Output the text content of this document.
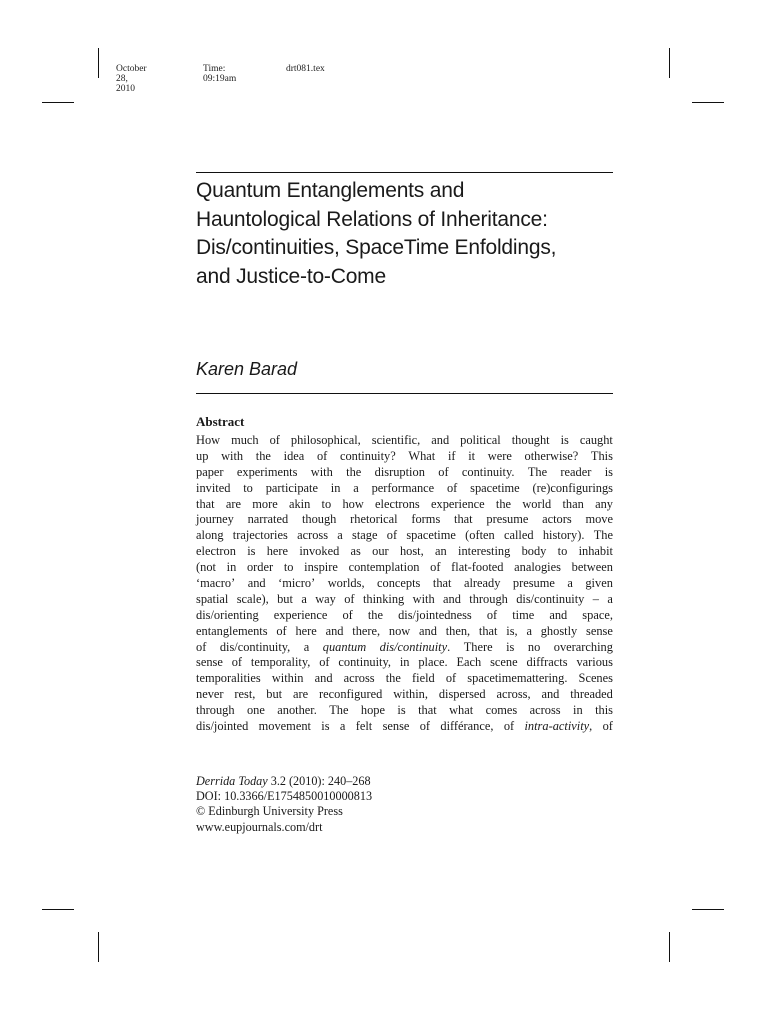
October 28, 2010
Time: 09:19am
drt081.tex
Quantum Entanglements and
Hauntological Relations of Inheritance:
Dis/continuities, SpaceTime Enfoldings,
and Justice-to-Come
Karen Barad
Abstract
How much of philosophical, scientific, and political thought is caught
up with the idea of continuity? What if it were otherwise? This
paper experiments with the disruption of continuity. The reader is
invited to participate in a performance of spacetime (re)configurings
that are more akin to how electrons experience the world than any
journey narrated though rhetorical forms that presume actors move
along trajectories across a stage of spacetime (often called history). The
electron is here invoked as our host, an interesting body to inhabit
(not in order to inspire contemplation of flat-footed analogies between
‘macro’ and ‘micro’ worlds, concepts that already presume a given
spatial scale), but a way of thinking with and through dis/continuity – a
dis/orienting experience of the dis/jointedness of time and space,
entanglements of here and there, now and then, that is, a ghostly sense
of dis/continuity, a quantum dis/continuity. There is no overarching
sense of temporality, of continuity, in place. Each scene diffracts various
temporalities within and across the field of spacetimemattering. Scenes
never rest, but are reconfigured within, dispersed across, and threaded
through one another. The hope is that what comes across in this
dis/jointed movement is a felt sense of différance, of intra-activity, of
Derrida Today 3.2 (2010): 240–268
DOI: 10.3366/E1754850010000813
© Edinburgh University Press
www.eupjournals.com/drt
